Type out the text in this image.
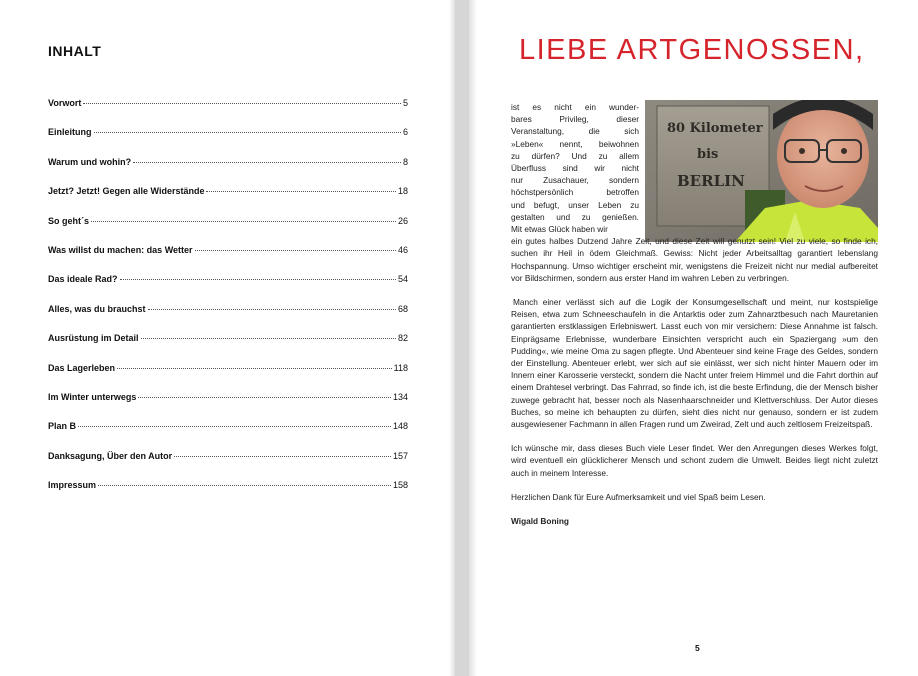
INHALT
Vorwort	5
Einleitung	6
Warum und wohin?	8
Jetzt? Jetzt! Gegen alle Widerstände	18
So geht´s	26
Was willst du machen: das Wetter	46
Das ideale Rad?	54
Alles, was du brauchst	68
Ausrüstung im Detail	82
Das Lagerleben	118
Im Winter unterwegs	134
Plan B	148
Danksagung, Über den Autor	157
Impressum	158
LIEBE ARTGENOSSEN,
80 Kilometer
bis
BERLIN
ist es nicht ein wunder-
bares Privileg, dieser
Veranstaltung, die sich
»Leben« nennt, beiwohnen
zu dürfen? Und zu allem
Überfluss sind wir nicht
nur Zusachauer, sondern
höchstpersönlich betroffen
und befugt, unser Leben zu
gestalten und zu genießen.
Mit etwas Glück haben wir
ein gutes halbes Dutzend Jahre Zeit, und diese Zeit will genutzt sein! Viel zu viele, so finde ich, suchen ihr Heil in ödem Gleichmaß. Gewiss: Nicht jeder Arbeitsalltag garantiert lebenslang Hochspannung. Umso wichtiger erscheint mir, wenigstens die Freizeit nicht nur medial aufbereitet vor Bildschirmen, sondern aus erster Hand im wahren Leben zu verbringen.
Manch einer verlässt sich auf die Logik der Konsumgesellschaft und meint, nur kostspielige Reisen, etwa zum Schneeschaufeln in die Antarktis oder zum Zahnarztbesuch nach Mauretanien garantierten erstklassigen Erlebniswert. Lasst euch von mir versichern: Diese Annahme ist falsch. Einprägsame Erlebnisse, wunderbare Einsichten verspricht auch ein Spaziergang »um den Pudding«, wie meine Oma zu sagen pflegte. Und Abenteuer sind keine Frage des Geldes, sondern der Einstellung. Abenteuer erlebt, wer sich auf sie einlässt, wer sich nicht hinter Mauern oder im Innern einer Karosserie versteckt, sondern die Nacht unter freiem Himmel und die Fahrt dorthin auf einem Drahtesel verbringt. Das Fahrrad, so finde ich, ist die beste Erfindung, die der Mensch bisher zuwege gebracht hat, besser noch als Nasenhaarschneider und Klettverschluss. Der Autor dieses Buches, so meine ich behaupten zu dürfen, sieht dies nicht nur genauso, sondern er ist zudem ausgewiesener Fachmann in allen Fragen rund um Zweirad, Zelt und auch zeltlosem Freizeitspaß.
Ich wünsche mir, dass dieses Buch viele Leser findet. Wer den Anregungen dieses Werkes folgt, wird eventuell ein glücklicherer Mensch und schont zudem die Umwelt. Beides liegt nicht zuletzt auch in meinem Interesse.
Herzlichen Dank für Eure Aufmerksamkeit und viel Spaß beim Lesen.
Wigald Boning
5
